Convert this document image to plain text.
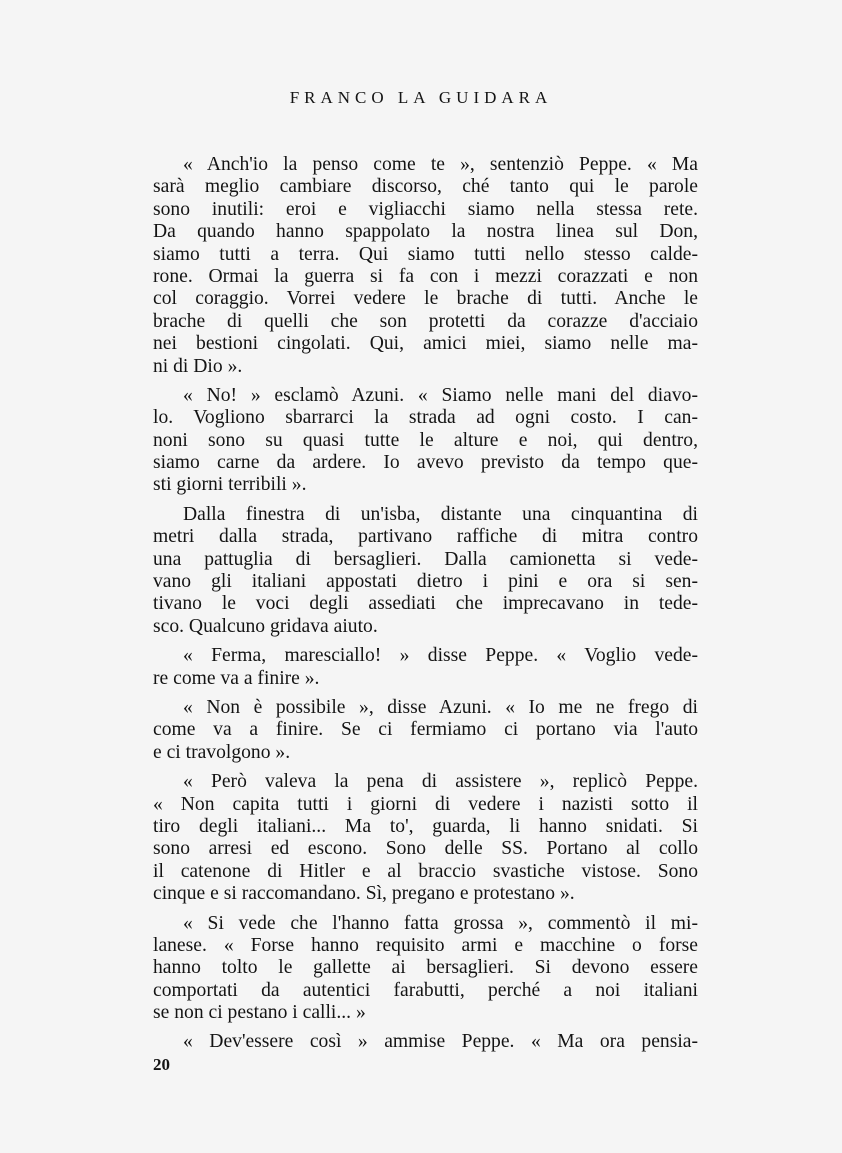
FRANCO LA GUIDARA
« Anch'io la penso come te », sentenziò Peppe. « Ma
sarà meglio cambiare discorso, ché tanto qui le parole
sono inutili: eroi e vigliacchi siamo nella stessa rete.
Da quando hanno spappolato la nostra linea sul Don,
siamo tutti a terra. Qui siamo tutti nello stesso calde-
rone. Ormai la guerra si fa con i mezzi corazzati e non
col coraggio. Vorrei vedere le brache di tutti. Anche le
brache di quelli che son protetti da corazze d'acciaio
nei bestioni cingolati. Qui, amici miei, siamo nelle ma-
ni di Dio ».
« No! » esclamò Azuni. « Siamo nelle mani del diavo-
lo. Vogliono sbarrarci la strada ad ogni costo. I can-
noni sono su quasi tutte le alture e noi, qui dentro,
siamo carne da ardere. Io avevo previsto da tempo que-
sti giorni terribili ».
Dalla finestra di un'isba, distante una cinquantina di
metri dalla strada, partivano raffiche di mitra contro
una pattuglia di bersaglieri. Dalla camionetta si vede-
vano gli italiani appostati dietro i pini e ora si sen-
tivano le voci degli assediati che imprecavano in tede-
sco. Qualcuno gridava aiuto.
« Ferma, maresciallo! » disse Peppe. « Voglio vede-
re come va a finire ».
« Non è possibile », disse Azuni. « Io me ne frego di
come va a finire. Se ci fermiamo ci portano via l'auto
e ci travolgono ».
« Però valeva la pena di assistere », replicò Peppe.
« Non capita tutti i giorni di vedere i nazisti sotto il
tiro degli italiani... Ma to', guarda, li hanno snidati. Si
sono arresi ed escono. Sono delle SS. Portano al collo
il catenone di Hitler e al braccio svastiche vistose. Sono
cinque e si raccomandano. Sì, pregano e protestano ».
« Si vede che l'hanno fatta grossa », commentò il mi-
lanese. « Forse hanno requisito armi e macchine o forse
hanno tolto le gallette ai bersaglieri. Si devono essere
comportati da autentici farabutti, perché a noi italiani
se non ci pestano i calli... »
« Dev'essere così » ammise Peppe. « Ma ora pensia-
20
